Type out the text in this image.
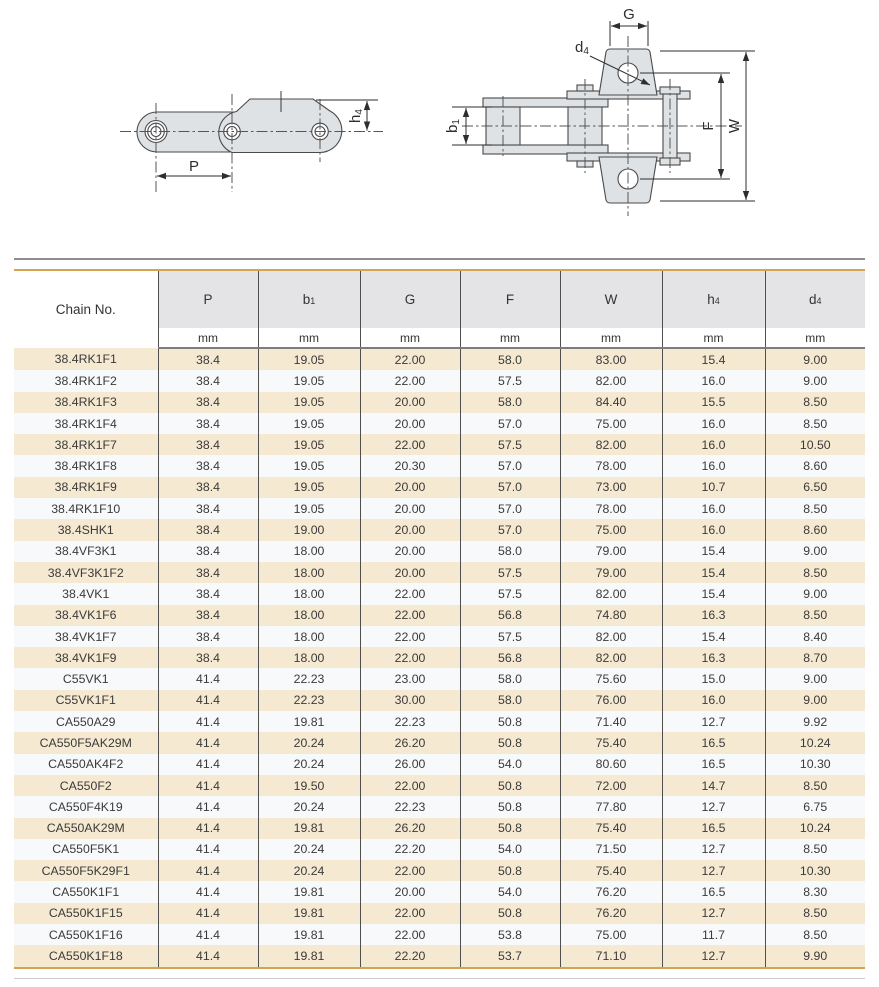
P
h4
G
d4
b1	F W
Chain No.	P	b1	G	F	W	h4	d4
	mm	mm	mm	mm	mm	mm	mm
38.4RK1F1	38.4	19.05	22.00	58.0	83.00	15.4	9.00
38.4RK1F2	38.4	19.05	22.00	57.5	82.00	16.0	9.00
38.4RK1F3	38.4	19.05	20.00	58.0	84.40	15.5	8.50
38.4RK1F4	38.4	19.05	20.00	57.0	75.00	16.0	8.50
38.4RK1F7	38.4	19.05	22.00	57.5	82.00	16.0	10.50
38.4RK1F8	38.4	19.05	20.30	57.0	78.00	16.0	8.60
38.4RK1F9	38.4	19.05	20.00	57.0	73.00	10.7	6.50
38.4RK1F10	38.4	19.05	20.00	57.0	78.00	16.0	8.50
38.4SHK1	38.4	19.00	20.00	57.0	75.00	16.0	8.60
38.4VF3K1	38.4	18.00	20.00	58.0	79.00	15.4	9.00
38.4VF3K1F2	38.4	18.00	20.00	57.5	79.00	15.4	8.50
38.4VK1	38.4	18.00	22.00	57.5	82.00	15.4	9.00
38.4VK1F6	38.4	18.00	22.00	56.8	74.80	16.3	8.50
38.4VK1F7	38.4	18.00	22.00	57.5	82.00	15.4	8.40
38.4VK1F9	38.4	18.00	22.00	56.8	82.00	16.3	8.70
C55VK1	41.4	22.23	23.00	58.0	75.60	15.0	9.00
C55VK1F1	41.4	22.23	30.00	58.0	76.00	16.0	9.00
CA550A29	41.4	19.81	22.23	50.8	71.40	12.7	9.92
CA550F5AK29M	41.4	20.24	26.20	50.8	75.40	16.5	10.24
CA550AK4F2	41.4	20.24	26.00	54.0	80.60	16.5	10.30
CA550F2	41.4	19.50	22.00	50.8	72.00	14.7	8.50
CA550F4K19	41.4	20.24	22.23	50.8	77.80	12.7	6.75
CA550AK29M	41.4	19.81	26.20	50.8	75.40	16.5	10.24
CA550F5K1	41.4	20.24	22.20	54.0	71.50	12.7	8.50
CA550F5K29F1	41.4	20.24	22.00	50.8	75.40	12.7	10.30
CA550K1F1	41.4	19.81	20.00	54.0	76.20	16.5	8.30
CA550K1F15	41.4	19.81	22.00	50.8	76.20	12.7	8.50
CA550K1F16	41.4	19.81	22.00	53.8	75.00	11.7	8.50
CA550K1F18	41.4	19.81	22.20	53.7	71.10	12.7	9.90
